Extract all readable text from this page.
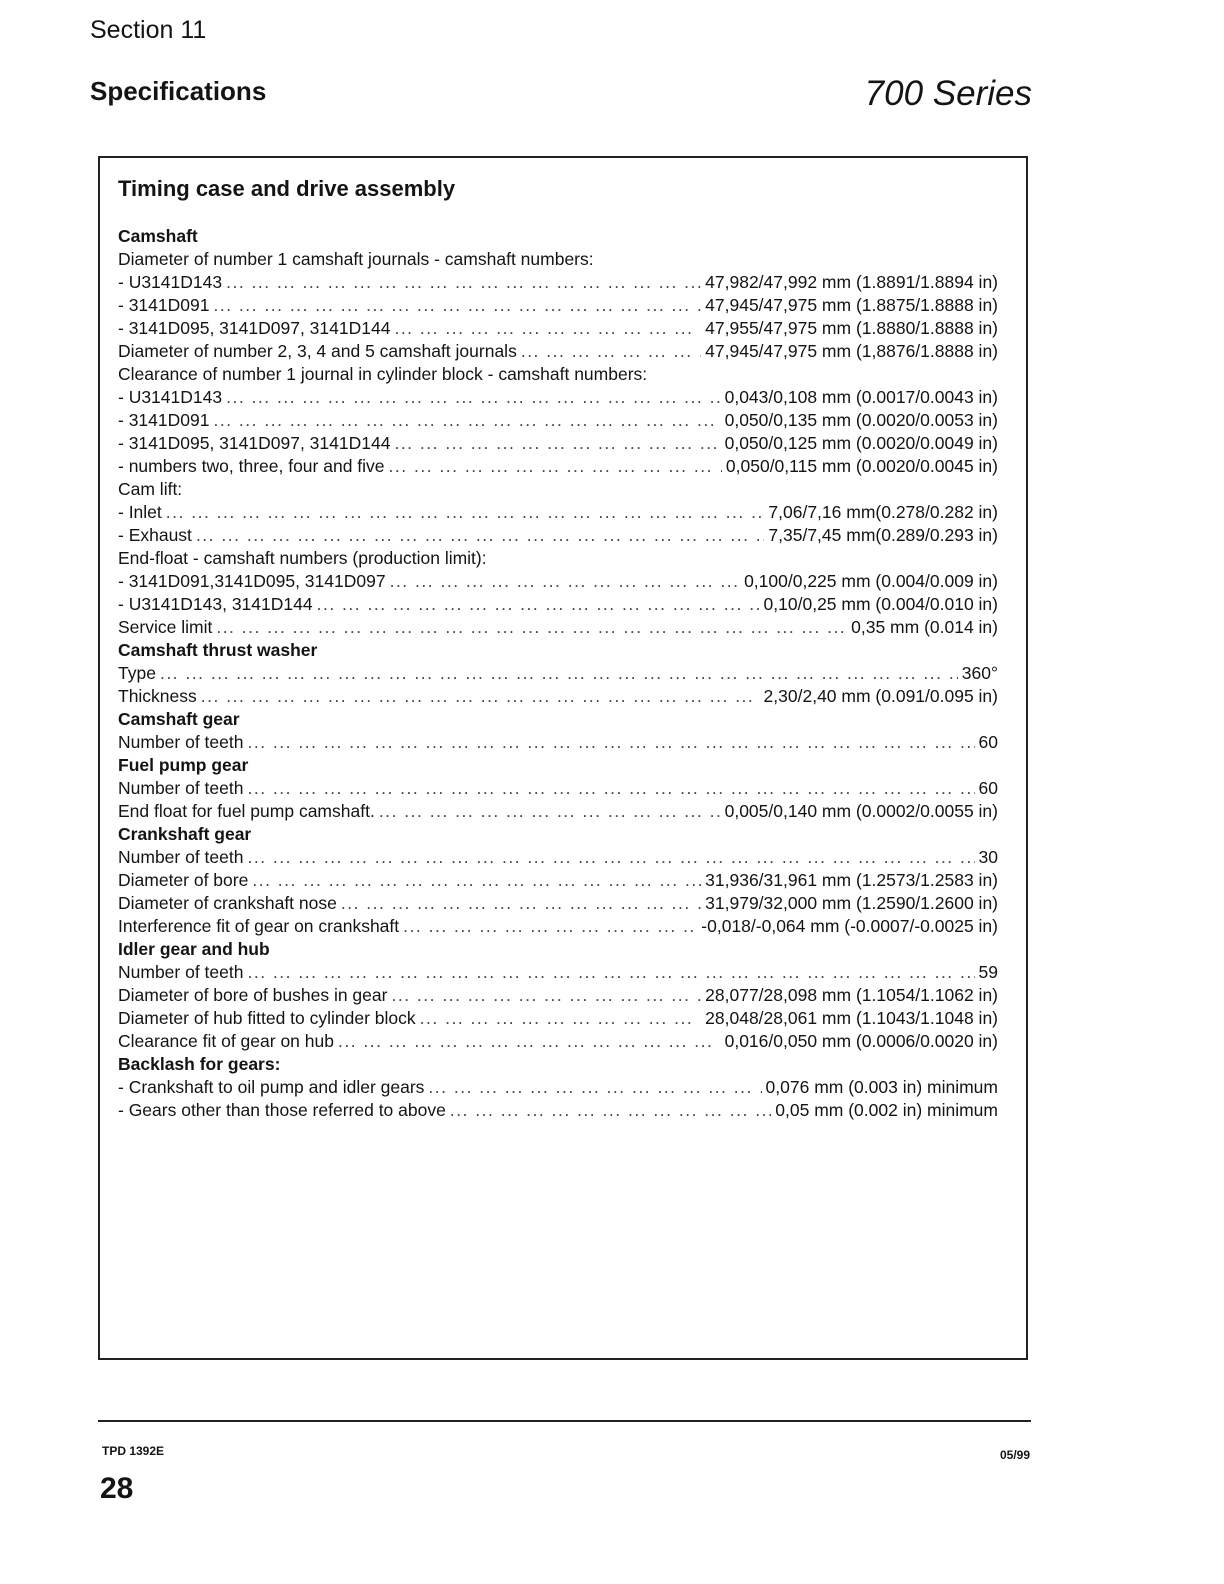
Section 11
Specifications	700 Series
Timing case and drive assembly
Camshaft
Diameter of number 1 camshaft journals - camshaft numbers:
- U3141D143 ... .	47,982/47,992 mm (1.8891/1.8894 in)
- 3141D091 ... .	47,945/47,975 mm (1.8875/1.8888 in)
- 3141D095, 3141D097, 3141D144 ... .	47,955/47,975 mm (1.8880/1.8888 in)
Diameter of number 2, 3, 4 and 5 camshaft journals ... .	47,945/47,975 mm (1,8876/1.8888 in)
Clearance of number 1 journal in cylinder block - camshaft numbers:
- U3141D143 ... .	0,043/0,108 mm (0.0017/0.0043 in)
- 3141D091 ... .	0,050/0,135 mm (0.0020/0.0053 in)
- 3141D095, 3141D097, 3141D144 ... .	0,050/0,125 mm (0.0020/0.0049 in)
- numbers two, three, four and five ... .	0,050/0,115 mm (0.0020/0.0045 in)
Cam lift:
- Inlet ... .	7,06/7,16 mm(0.278/0.282 in)
- Exhaust ... .	7,35/7,45 mm(0.289/0.293 in)
End-float - camshaft numbers (production limit):
- 3141D091,3141D095, 3141D097 ... .	0,100/0,225 mm (0.004/0.009 in)
- U3141D143, 3141D144 ... .	0,10/0,25 mm (0.004/0.010 in)
Service limit ... .	0,35 mm (0.014 in)
Camshaft thrust washer
Type ... .	360°
Thickness ... .	2,30/2,40 mm (0.091/0.095 in)
Camshaft gear
Number of teeth ... .	60
Fuel pump gear
Number of teeth ... .	60
End float for fuel pump camshaft. ... .	0,005/0,140 mm (0.0002/0.0055 in)
Crankshaft gear
Number of teeth ... .	30
Diameter of bore ... .	31,936/31,961 mm (1.2573/1.2583 in)
Diameter of crankshaft nose ... .	31,979/32,000 mm (1.2590/1.2600 in)
Interference fit of gear on crankshaft ... .	-0,018/-0,064 mm (-0.0007/-0.0025 in)
Idler gear and hub
Number of teeth ... .	59
Diameter of bore of bushes in gear ... .	28,077/28,098 mm (1.1054/1.1062 in)
Diameter of hub fitted to cylinder block ... .	28,048/28,061 mm (1.1043/1.1048 in)
Clearance fit of gear on hub ... .	0,016/0,050 mm (0.0006/0.0020 in)
Backlash for gears:
- Crankshaft to oil pump and idler gears ... .	0,076 mm (0.003 in) minimum
- Gears other than those referred to above ... .	0,05 mm (0.002 in) minimum
TPD 1392E	05/99
28
